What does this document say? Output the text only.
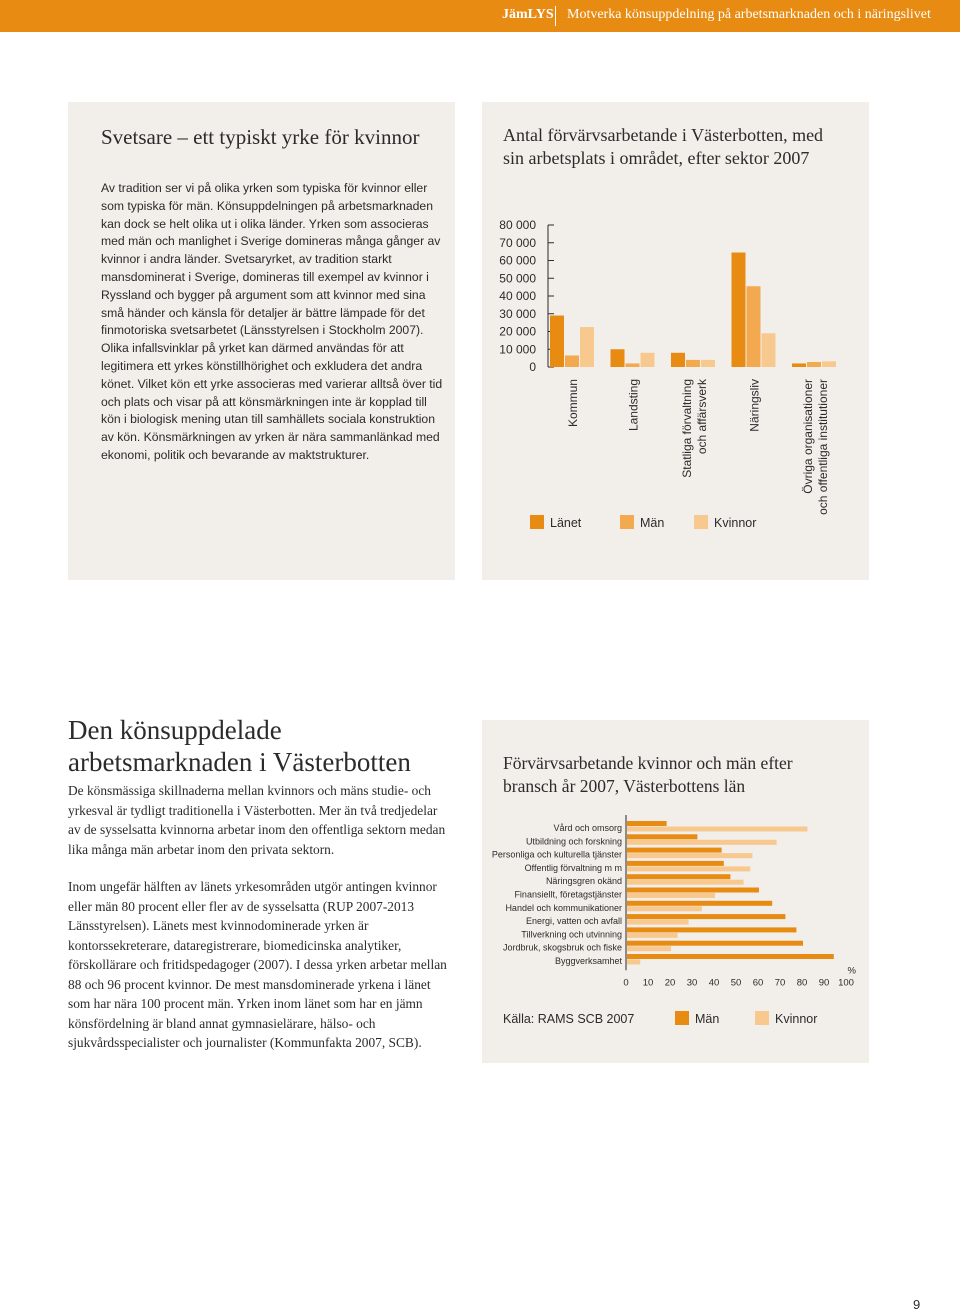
JämLYS Motverka könsuppdelning på arbetsmarknaden och i näringslivet
Svetsare – ett typiskt yrke för kvinnor

Av tradition ser vi på olika yrken som typiska för kvinnor eller som typiska för män. Könsuppdelningen på arbetsmarknaden kan dock se helt olika ut i olika länder. Yrken som associeras med män och manlighet i Sverige domineras många gånger av kvinnor i andra länder. Svetsaryrket, av tradition starkt mansdominerat i Sverige, domineras till exempel av kvinnor i Ryssland och bygger på argument som att kvinnor med sina små händer och känsla för detaljer är bättre lämpade för det finmotoriska svetsarbetet (Länsstyrelsen i Stockholm 2007). Olika infallsvinklar på yrket kan därmed användas för att legitimera ett yrkes könstillhörighet och exkludera det andra könet. Vilket kön ett yrke associeras med varierar alltså över tid och plats och visar på att könsmärkningen inte är kopplad till kön i biologisk mening utan till samhällets sociala konstruktion av kön. Könsmärkningen av yrken är nära sammanlänkad med ekonomi, politik och bevarande av maktstrukturer.

Antal förvärvsarbetande i Västerbotten, med sin arbetsplats i området, efter sektor 2007
80 000
70 000
60 000
50 000
40 000
30 000
20 000
10 000
0
Kommun	Landsting	Statliga förvaltning och affärsverk	Näringsliv	Övriga organisationer och offentliga institutioner
Länet	Män	Kvinnor
Den könsuppdelade arbetsmarknaden i Västerbotten

De könsmässiga skillnaderna mellan kvinnors och mäns studie- och yrkesval är tydligt traditionella i Västerbotten. Mer än två tredjedelar av de sysselsatta kvinnorna arbetar inom den offentliga sektorn medan lika många män arbetar inom den privata sektorn.

Inom ungefär hälften av länets yrkesområden utgör antingen kvinnor eller män 80 procent eller fler av de sysselsatta (RUP 2007-2013 Länsstyrelsen). Länets mest kvinnodominerade yrken är kontorssekreterare, dataregistrerare, biomedicinska analytiker, förskollärare och fritidspedagoger (2007). I dessa yrken arbetar mellan 88 och 96 procent kvinnor. De mest mansdominerade yrkena i länet som har nära 100 procent män. Yrken inom länet som har en jämn könsfördelning är bland annat gymnasielärare, hälso- och sjukvårdsspecialister och journalister (Kommunfakta 2007, SCB).

Förvärvsarbetande kvinnor och män efter bransch år 2007, Västerbottens län
Vård och omsorg
Utbildning och forskning
Personliga och kulturella tjänster
Offentlig förvaltning m m
Näringsgren okänd
Finansiellt, företagstjänster
Handel och kommunikationer
Energi, vatten och avfall
Tillverkning och utvinning
Jordbruk, skogsbruk och fiske
Byggverksamhet
0 10 20 30 40 50 60 70 80 90 100
%
Källa: RAMS SCB 2007	Män	Kvinnor
9
